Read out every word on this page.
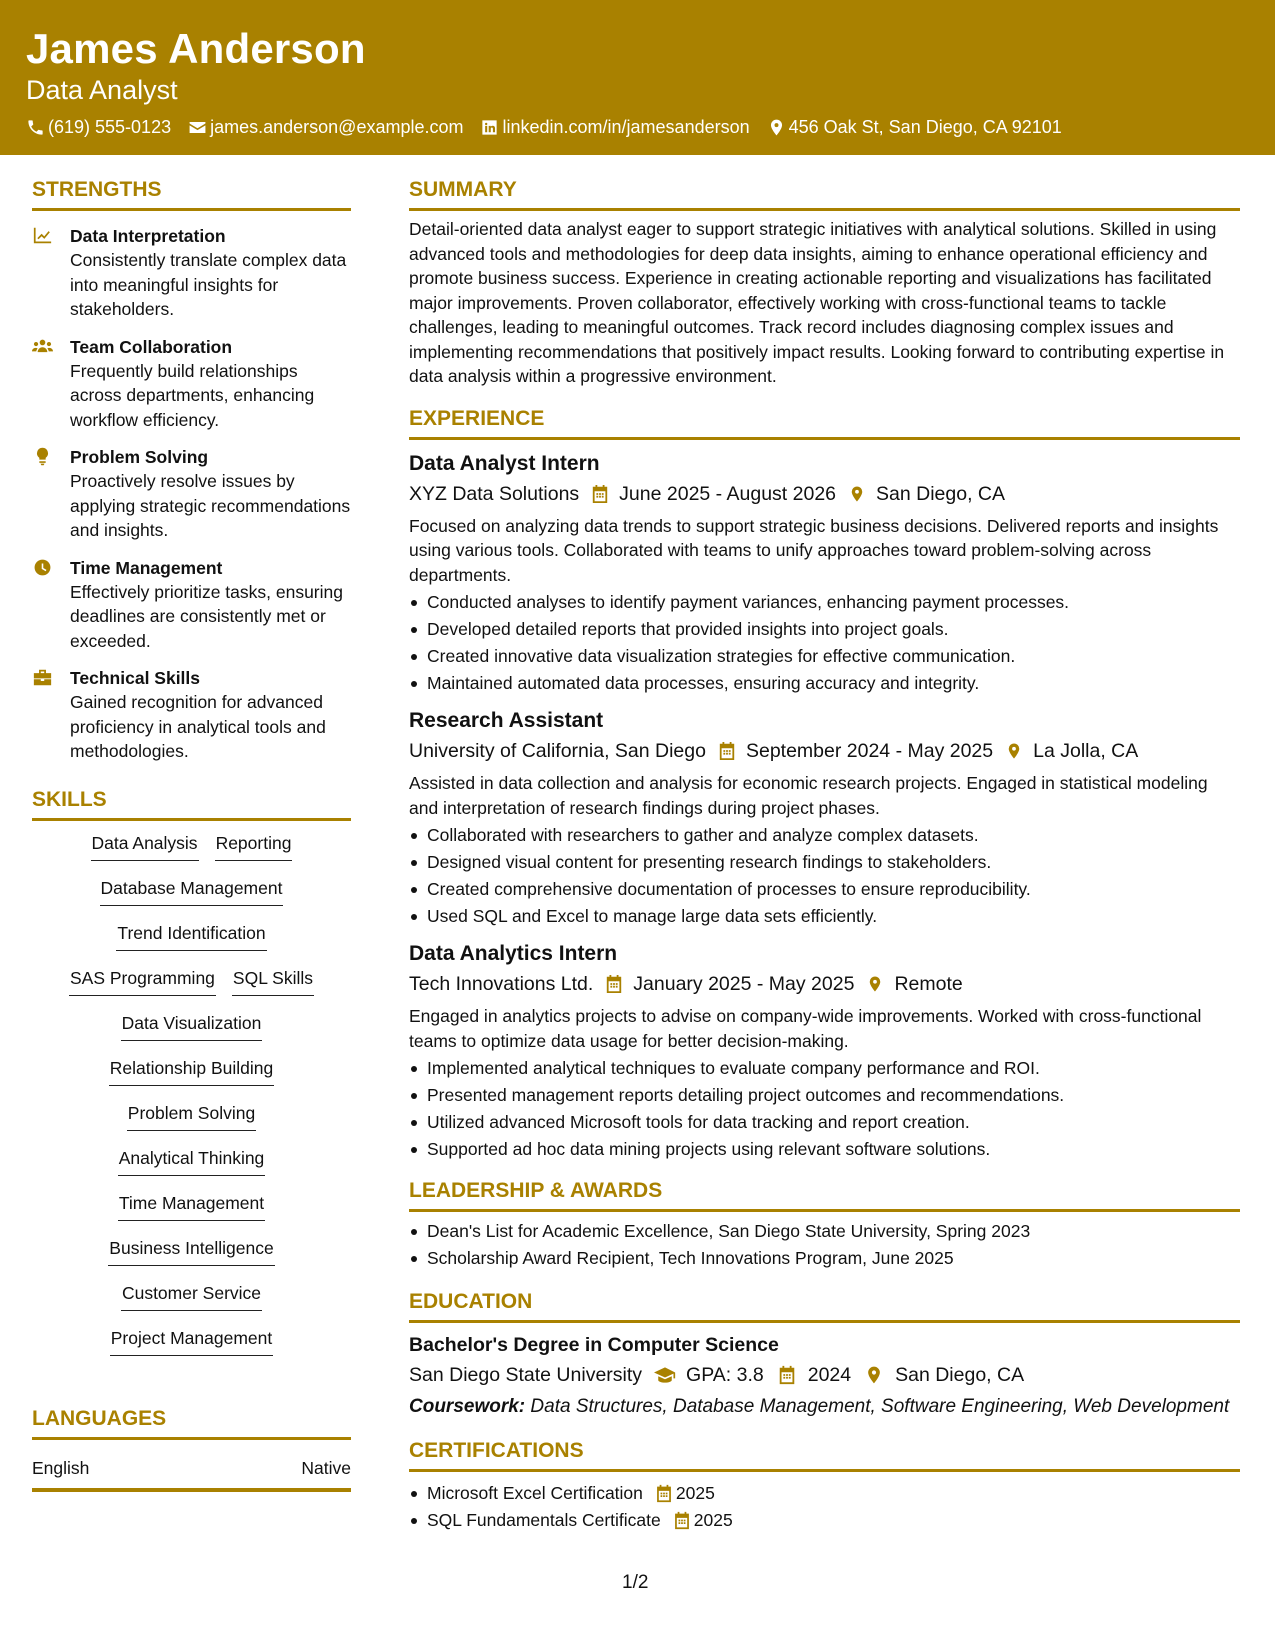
James Anderson
Data Analyst
(619) 555-0123 james.anderson@example.com linkedin.com/in/jamesanderson 456 Oak St, San Diego, CA 92101
STRENGTHS
Data Interpretation
Consistently translate complex data into meaningful insights for stakeholders.
Team Collaboration
Frequently build relationships across departments, enhancing workflow efficiency.
Problem Solving
Proactively resolve issues by applying strategic recommendations and insights.
Time Management
Effectively prioritize tasks, ensuring deadlines are consistently met or exceeded.
Technical Skills
Gained recognition for advanced proficiency in analytical tools and methodologies.
SKILLS
Data Analysis Reporting
Database Management
Trend Identification
SAS Programming SQL Skills
Data Visualization
Relationship Building
Problem Solving
Analytical Thinking
Time Management
Business Intelligence
Customer Service
Project Management
LANGUAGES
English	Native
SUMMARY
Detail-oriented data analyst eager to support strategic initiatives with analytical solutions. Skilled in using advanced tools and methodologies for deep data insights, aiming to enhance operational efficiency and promote business success. Experience in creating actionable reporting and visualizations has facilitated major improvements. Proven collaborator, effectively working with cross-functional teams to tackle challenges, leading to meaningful outcomes. Track record includes diagnosing complex issues and implementing recommendations that positively impact results. Looking forward to contributing expertise in data analysis within a progressive environment.
EXPERIENCE
Data Analyst Intern
XYZ Data Solutions June 2025 - August 2026 San Diego, CA
Focused on analyzing data trends to support strategic business decisions. Delivered reports and insights using various tools. Collaborated with teams to unify approaches toward problem-solving across departments.
Conducted analyses to identify payment variances, enhancing payment processes.
Developed detailed reports that provided insights into project goals.
Created innovative data visualization strategies for effective communication.
Maintained automated data processes, ensuring accuracy and integrity.
Research Assistant
University of California, San Diego September 2024 - May 2025 La Jolla, CA
Assisted in data collection and analysis for economic research projects. Engaged in statistical modeling and interpretation of research findings during project phases.
Collaborated with researchers to gather and analyze complex datasets.
Designed visual content for presenting research findings to stakeholders.
Created comprehensive documentation of processes to ensure reproducibility.
Used SQL and Excel to manage large data sets efficiently.
Data Analytics Intern
Tech Innovations Ltd. January 2025 - May 2025 Remote
Engaged in analytics projects to advise on company-wide improvements. Worked with cross-functional teams to optimize data usage for better decision-making.
Implemented analytical techniques to evaluate company performance and ROI.
Presented management reports detailing project outcomes and recommendations.
Utilized advanced Microsoft tools for data tracking and report creation.
Supported ad hoc data mining projects using relevant software solutions.
LEADERSHIP & AWARDS
Dean's List for Academic Excellence, San Diego State University, Spring 2023
Scholarship Award Recipient, Tech Innovations Program, June 2025
EDUCATION
Bachelor's Degree in Computer Science
San Diego State University GPA: 3.8 2024 San Diego, CA
Coursework: Data Structures, Database Management, Software Engineering, Web Development
CERTIFICATIONS
Microsoft Excel Certification 2025
SQL Fundamentals Certificate 2025
1/2
